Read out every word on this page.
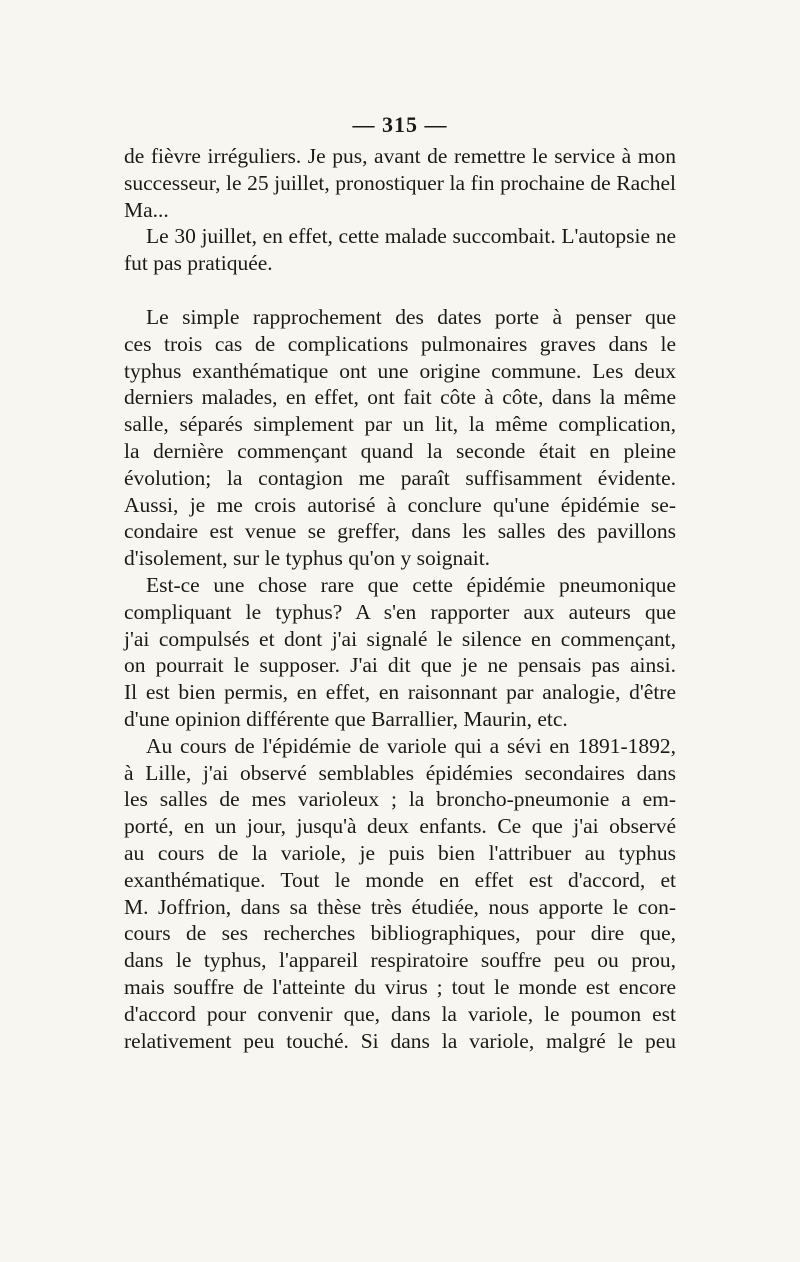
— 315 —
de fièvre irréguliers. Je pus, avant de remettre le service à mon
successeur, le 25 juillet, pronostiquer la fin prochaine de Rachel
Ma...
Le 30 juillet, en effet, cette malade succombait. L'autopsie ne
fut pas pratiquée.
Le simple rapprochement des dates porte à penser que
ces trois cas de complications pulmonaires graves dans le
typhus exanthématique ont une origine commune. Les deux
derniers malades, en effet, ont fait côte à côte, dans la même
salle, séparés simplement par un lit, la même complication,
la dernière commençant quand la seconde était en pleine
évolution; la contagion me paraît suffisamment évidente.
Aussi, je me crois autorisé à conclure qu'une épidémie se-
condaire est venue se greffer, dans les salles des pavillons
d'isolement, sur le typhus qu'on y soignait.
Est-ce une chose rare que cette épidémie pneumonique
compliquant le typhus? A s'en rapporter aux auteurs que
j'ai compulsés et dont j'ai signalé le silence en commençant,
on pourrait le supposer. J'ai dit que je ne pensais pas ainsi.
Il est bien permis, en effet, en raisonnant par analogie, d'être
d'une opinion différente que Barrallier, Maurin, etc.
Au cours de l'épidémie de variole qui a sévi en 1891-1892,
à Lille, j'ai observé semblables épidémies secondaires dans
les salles de mes varioleux ; la broncho-pneumonie a em-
porté, en un jour, jusqu'à deux enfants. Ce que j'ai observé
au cours de la variole, je puis bien l'attribuer au typhus
exanthématique. Tout le monde en effet est d'accord, et
M. Joffrion, dans sa thèse très étudiée, nous apporte le con-
cours de ses recherches bibliographiques, pour dire que,
dans le typhus, l'appareil respiratoire souffre peu ou prou,
mais souffre de l'atteinte du virus ; tout le monde est encore
d'accord pour convenir que, dans la variole, le poumon est
relativement peu touché. Si dans la variole, malgré le peu
